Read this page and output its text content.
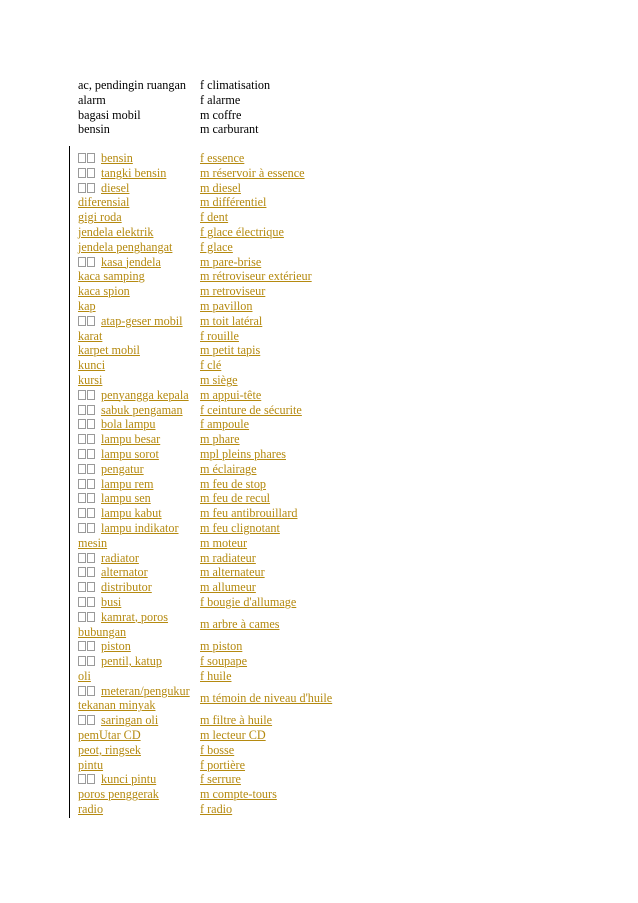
ac, pendingin ruangan	f climatisation
alarm	f alarme
bagasi mobil	m coffre
bensin	m carburant
bensin	f essence
tangki bensin	m réservoir à essence
diesel	m diesel
diferensial	m différentiel
gigi roda	f dent
jendela elektrik	f glace électrique
jendela penghangat	f glace
kasa jendela	m pare-brise
kaca samping	m rétroviseur extérieur
kaca spion	m retroviseur
kap	m pavillon
atap-geser mobil	m toit latéral
karat	f rouille
karpet mobil	m petit tapis
kunci	f clé
kursi	m siège
penyangga kepala	m appui-tête
sabuk pengaman	f ceinture de sécurite
bola lampu	f ampoule
lampu besar	m phare
lampu sorot	mpl pleins phares
pengatur	m éclairage
lampu rem	m feu de stop
lampu sen	m feu de recul
lampu kabut	m feu antibrouillard
lampu indikator	m feu clignotant
mesin	m moteur
radiator	m radiateur
alternator	m alternateur
distributor	m allumeur
busi	f bougie d'allumage
kamrat, poros
bubungan	m arbre à cames
piston	m piston
pentil, katup	f soupape
oli	f huile
meteran/pengukur
tekanan minyak	m témoin de niveau d'huile
saringan oli	m filtre à huile
pemUtar CD	m lecteur CD
peot, ringsek	f bosse
pintu	f portière
kunci pintu	f serrure
poros penggerak	m compte-tours
radio	f radio
